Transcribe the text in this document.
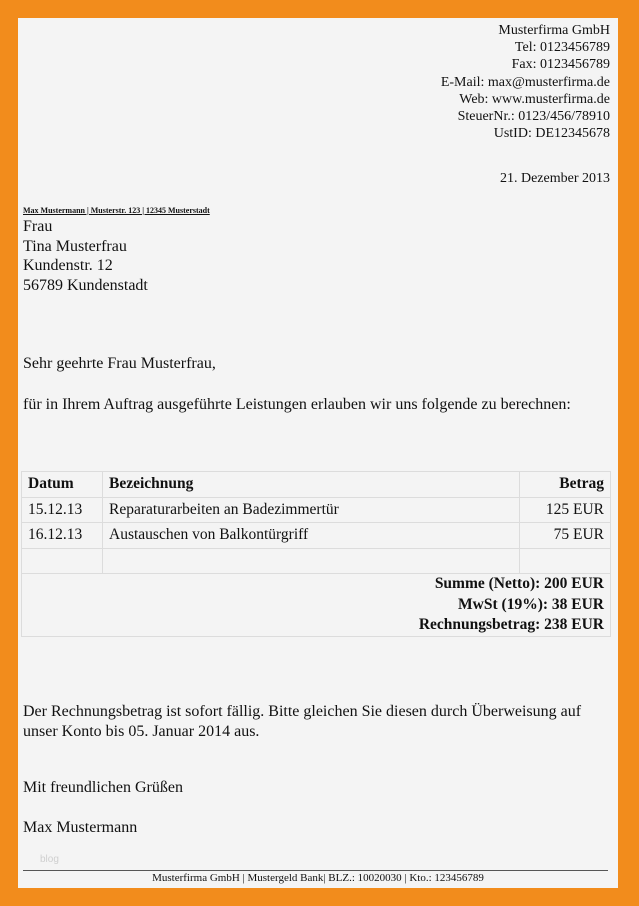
Musterfirma GmbH
Tel: 0123456789
Fax: 0123456789
E-Mail: max@musterfirma.de
Web: www.musterfirma.de
SteuerNr.: 0123/456/78910
UstID: DE12345678
21. Dezember 2013
Max Mustermann | Musterstr. 123 | 12345 Musterstadt
Frau
Tina Musterfrau
Kundenstr. 12
56789 Kundenstadt
Sehr geehrte Frau Musterfrau,
für in Ihrem Auftrag ausgeführte Leistungen erlauben wir uns folgende zu berechnen:
Datum	Bezeichnung	Betrag
15.12.13	Reparaturarbeiten an Badezimmertür	125 EUR
16.12.13	Austauschen von Balkontürgriff	75 EUR

Summe (Netto): 200 EUR
MwSt (19%): 38 EUR
Rechnungsbetrag: 238 EUR		
Der Rechnungsbetrag ist sofort fällig. Bitte gleichen Sie diesen durch Überweisung auf unser Konto bis 05. Januar 2014 aus.
Mit freundlichen Grüßen
Max Mustermann
blog
Musterfirma GmbH | Mustergeld Bank| BLZ.: 10020030 | Kto.: 123456789
